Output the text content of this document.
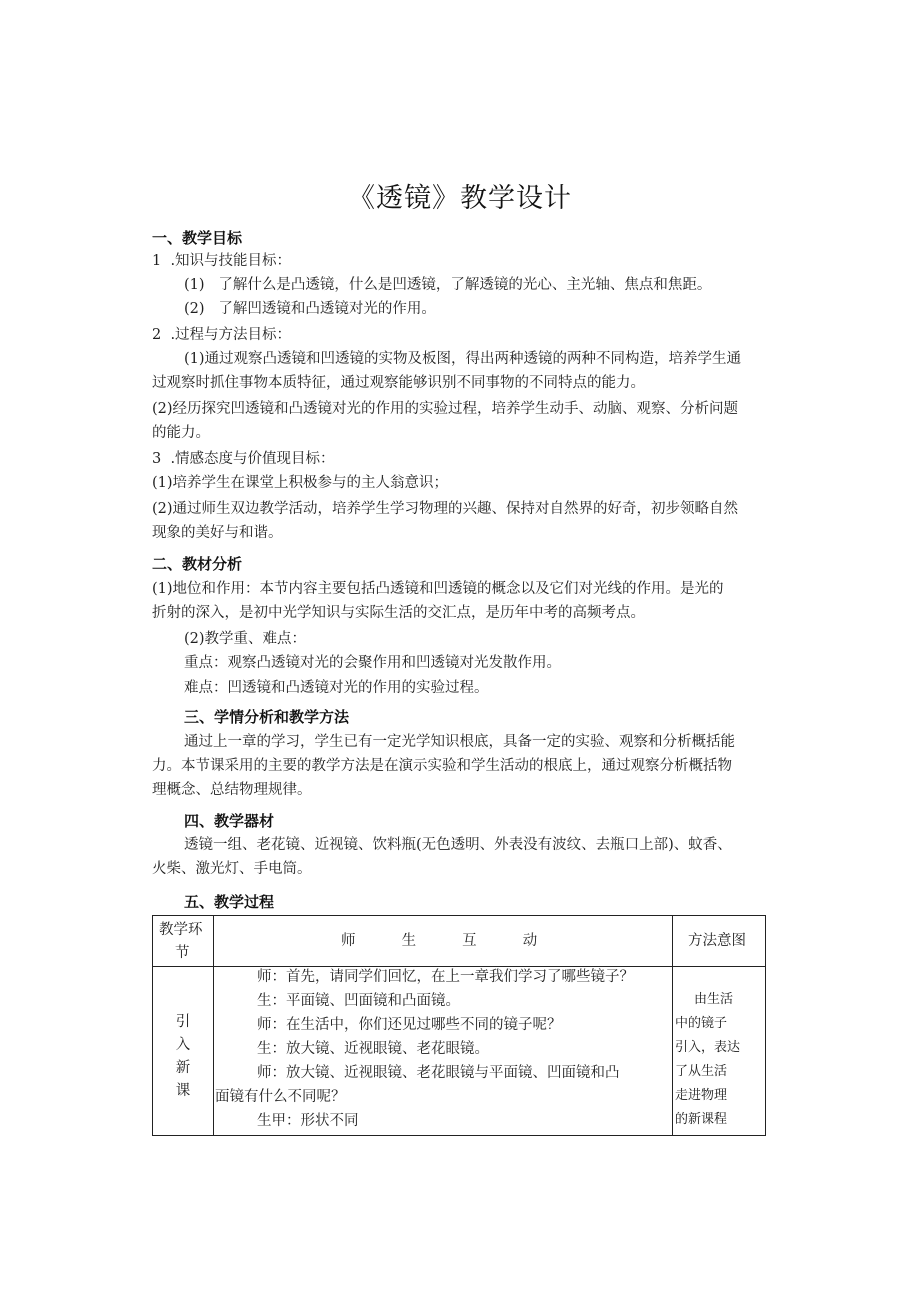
《透镜》教学设计
一、教学目标
1  .知识与技能目标：
(1)   了解什么是凸透镜，什么是凹透镜，了解透镜的光心、主光轴、焦点和焦距。
(2)   了解凹透镜和凸透镜对光的作用。
2  .过程与方法目标：
(1)通过观察凸透镜和凹透镜的实物及板图，得出两种透镜的两种不同构造，培养学生通
过观察时抓住事物本质特征，通过观察能够识别不同事物的不同特点的能力。
(2)经历探究凹透镜和凸透镜对光的作用的实验过程，培养学生动手、动脑、观察、分析问题
的能力。
3  .情感态度与价值现目标：
(1)培养学生在课堂上积极参与的主人翁意识；
(2)通过师生双边教学活动，培养学生学习物理的兴趣、保持对自然界的好奇，初步领略自然
现象的美好与和谐。
二、教材分析
(1)地位和作用：本节内容主要包括凸透镜和凹透镜的概念以及它们对光线的作用。是光的
折射的深入，是初中光学知识与实际生活的交汇点，是历年中考的高频考点。
(2)教学重、难点：
重点：观察凸透镜对光的会聚作用和凹透镜对光发散作用。
难点：凹透镜和凸透镜对光的作用的实验过程。
三、学情分析和教学方法
通过上一章的学习，学生已有一定光学知识根底，具备一定的实验、观察和分析概括能
力。本节课采用的主要的教学方法是在演示实验和学生活动的根底上，通过观察分析概括物
理概念、总结物理规律。
四、教学器材
透镜一组、老花镜、近视镜、饮料瓶(无色透明、外表没有波纹、去瓶口上部)、蚊香、
火柴、激光灯、手电筒。
五、教学过程
教学环
节
师          生          互          动	方法意图
引
入
新
课
师：首先，请同学们回忆，在上一章我们学习了哪些镜子？
生：平面镜、凹面镜和凸面镜。
师：在生活中，你们还见过哪些不同的镜子呢？
生：放大镜、近视眼镜、老花眼镜。
师：放大镜、近视眼镜、老花眼镜与平面镜、凹面镜和凸
面镜有什么不同呢？
生甲：形状不同
由生活
中的镜子
引入，表达
了从生活
走进物理
的新课程
